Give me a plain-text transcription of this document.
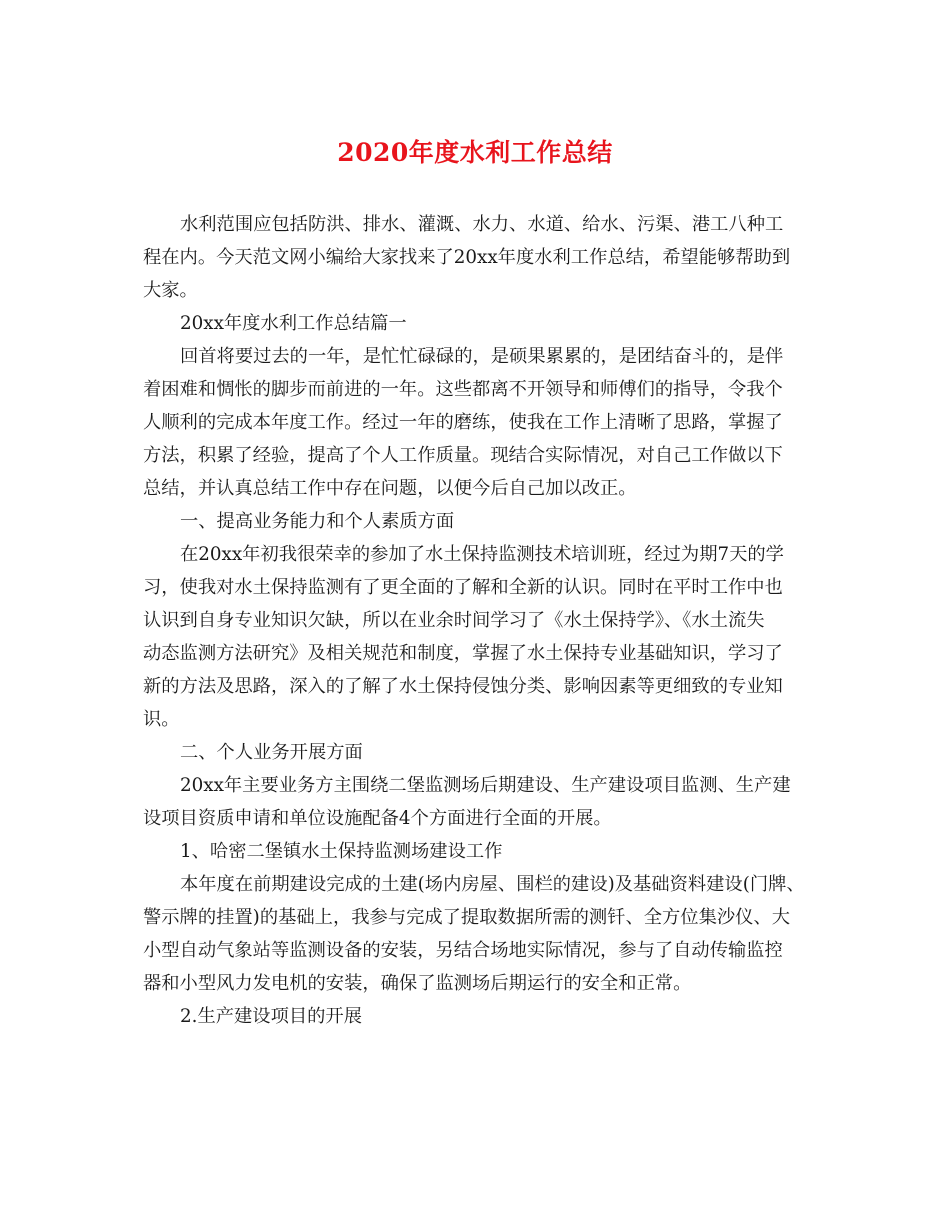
2020年度水利工作总结
水利范围应包括防洪、排水、灌溉、水力、水道、给水、污渠、港工八种工
程在内。今天范文网小编给大家找来了20xx年度水利工作总结，希望能够帮助到
大家。
20xx年度水利工作总结篇一
回首将要过去的一年，是忙忙碌碌的，是硕果累累的，是团结奋斗的，是伴
着困难和惆怅的脚步而前进的一年。这些都离不开领导和师傅们的指导，令我个
人顺利的完成本年度工作。经过一年的磨练，使我在工作上清晰了思路，掌握了
方法，积累了经验，提高了个人工作质量。现结合实际情况，对自己工作做以下
总结，并认真总结工作中存在问题，以便今后自己加以改正。
一、提高业务能力和个人素质方面
在20xx年初我很荣幸的参加了水土保持监测技术培训班，经过为期7天的学
习，使我对水土保持监测有了更全面的了解和全新的认识。同时在平时工作中也
认识到自身专业知识欠缺，所以在业余时间学习了《水土保持学》、《水土流失
动态监测方法研究》及相关规范和制度，掌握了水土保持专业基础知识，学习了
新的方法及思路，深入的了解了水土保持侵蚀分类、影响因素等更细致的专业知
识。
二、个人业务开展方面
20xx年主要业务方主围绕二堡监测场后期建设、生产建设项目监测、生产建
设项目资质申请和单位设施配备4个方面进行全面的开展。
1、哈密二堡镇水土保持监测场建设工作
本年度在前期建设完成的土建(场内房屋、围栏的建设)及基础资料建设(门牌、
警示牌的挂置)的基础上，我参与完成了提取数据所需的测钎、全方位集沙仪、大
小型自动气象站等监测设备的安装，另结合场地实际情况，参与了自动传输监控
器和小型风力发电机的安装，确保了监测场后期运行的安全和正常。
2.生产建设项目的开展
